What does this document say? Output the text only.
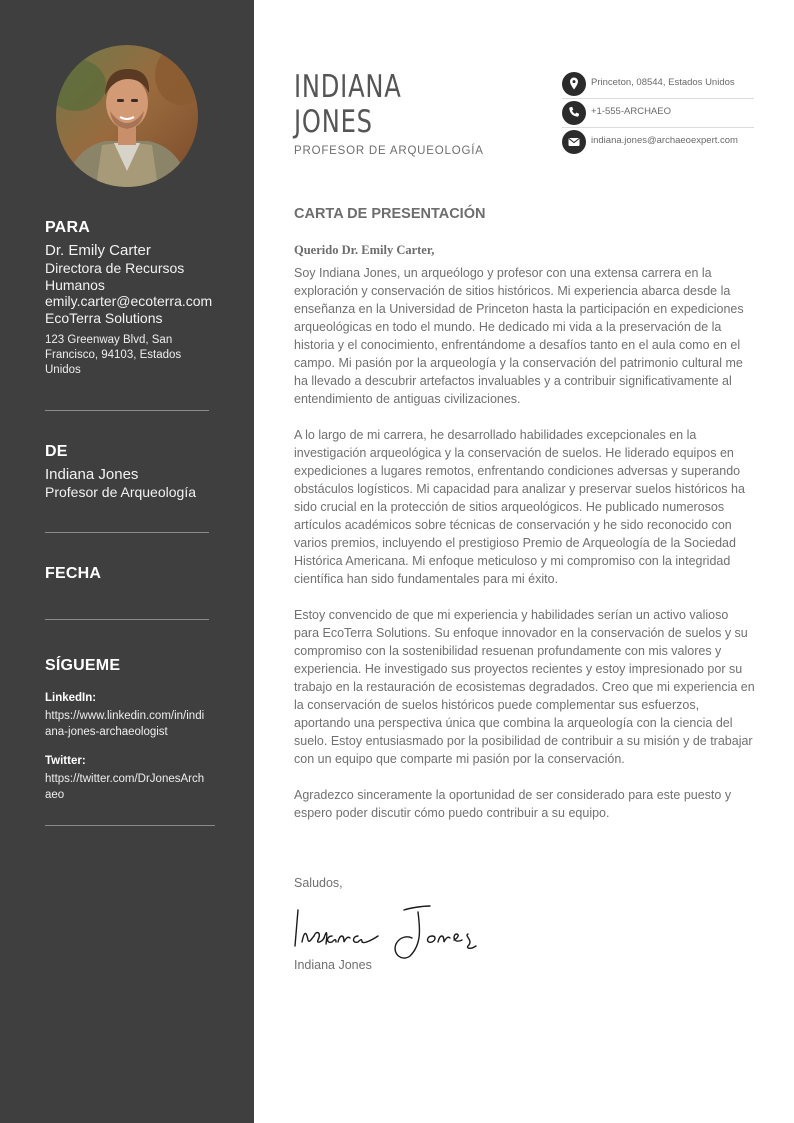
PARA
Dr. Emily Carter
Directora de Recursos Humanos
emily.carter@ecoterra.com
EcoTerra Solutions
123 Greenway Blvd, San Francisco, 94103, Estados Unidos
DE
Indiana Jones
Profesor de Arqueología
FECHA
SÍGUEME
LinkedIn:
https://www.linkedin.com/in/indiana-jones-archaeologist
Twitter:
https://twitter.com/DrJonesArchaeo
INDIANA
JONES
PROFESOR DE ARQUEOLOGÍA
Princeton, 08544, Estados Unidos
+1-555-ARCHAEO
indiana.jones@archaeoexpert.com
CARTA DE PRESENTACIÓN
Querido Dr. Emily Carter,
Soy Indiana Jones, un arqueólogo y profesor con una extensa carrera en la exploración y conservación de sitios históricos. Mi experiencia abarca desde la enseñanza en la Universidad de Princeton hasta la participación en expediciones arqueológicas en todo el mundo. He dedicado mi vida a la preservación de la historia y el conocimiento, enfrentándome a desafíos tanto en el aula como en el campo. Mi pasión por la arqueología y la conservación del patrimonio cultural me ha llevado a descubrir artefactos invaluables y a contribuir significativamente al entendimiento de antiguas civilizaciones.
A lo largo de mi carrera, he desarrollado habilidades excepcionales en la investigación arqueológica y la conservación de suelos. He liderado equipos en expediciones a lugares remotos, enfrentando condiciones adversas y superando obstáculos logísticos. Mi capacidad para analizar y preservar suelos históricos ha sido crucial en la protección de sitios arqueológicos. He publicado numerosos artículos académicos sobre técnicas de conservación y he sido reconocido con varios premios, incluyendo el prestigioso Premio de Arqueología de la Sociedad Histórica Americana. Mi enfoque meticuloso y mi compromiso con la integridad científica han sido fundamentales para mi éxito.
Estoy convencido de que mi experiencia y habilidades serían un activo valioso para EcoTerra Solutions. Su enfoque innovador en la conservación de suelos y su compromiso con la sostenibilidad resuenan profundamente con mis valores y experiencia. He investigado sus proyectos recientes y estoy impresionado por su trabajo en la restauración de ecosistemas degradados. Creo que mi experiencia en la conservación de suelos históricos puede complementar sus esfuerzos, aportando una perspectiva única que combina la arqueología con la ciencia del suelo. Estoy entusiasmado por la posibilidad de contribuir a su misión y de trabajar con un equipo que comparte mi pasión por la conservación.
Agradezco sinceramente la oportunidad de ser considerado para este puesto y espero poder discutir cómo puedo contribuir a su equipo.
Saludos,
Indiana Jones
